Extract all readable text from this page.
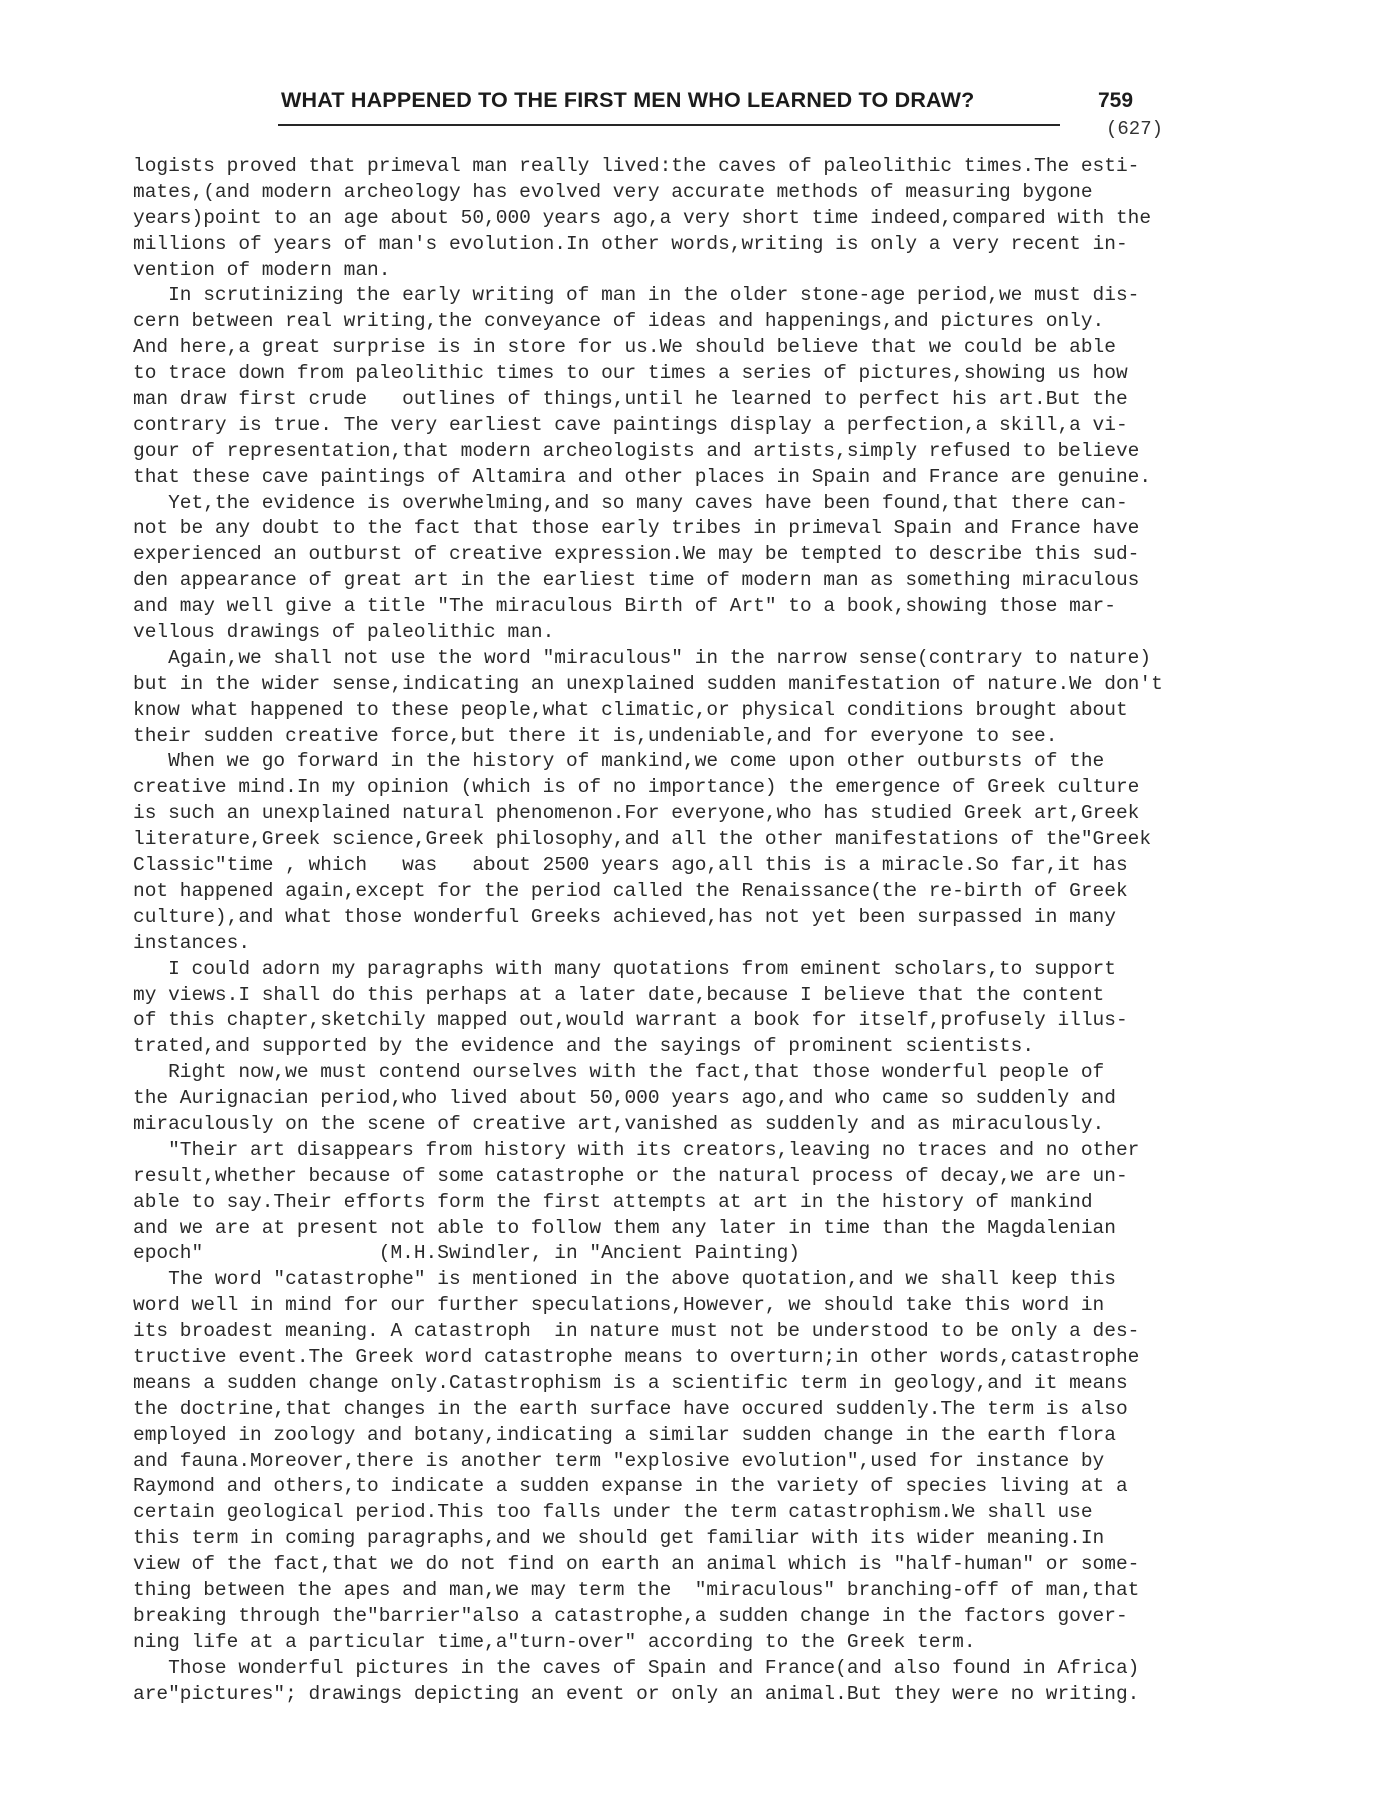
WHAT HAPPENED TO THE FIRST MEN WHO LEARNED TO DRAW?	759
(627)
logists proved that primeval man really lived:the caves of paleolithic times.The esti-
mates,(and modern archeology has evolved very accurate methods of measuring bygone
years)point to an age about 50,000 years ago,a very short time indeed,compared with the
millions of years of man's evolution.In other words,writing is only a very recent in-
vention of modern man.
In scrutinizing the early writing of man in the older stone-age period,we must dis-
cern between real writing,the conveyance of ideas and happenings,and pictures only.
And here,a great surprise is in store for us.We should believe that we could be able
to trace down from paleolithic times to our times a series of pictures,showing us how
man draw first crude   outlines of things,until he learned to perfect his art.But the
contrary is true. The very earliest cave paintings display a perfection,a skill,a vi-
gour of representation,that modern archeologists and artists,simply refused to believe
that these cave paintings of Altamira and other places in Spain and France are genuine.
Yet,the evidence is overwhelming,and so many caves have been found,that there can-
not be any doubt to the fact that those early tribes in primeval Spain and France have
experienced an outburst of creative expression.We may be tempted to describe this sud-
den appearance of great art in the earliest time of modern man as something miraculous
and may well give a title "The miraculous Birth of Art" to a book,showing those mar-
vellous drawings of paleolithic man.
Again,we shall not use the word "miraculous" in the narrow sense(contrary to nature)
but in the wider sense,indicating an unexplained sudden manifestation of nature.We don't
know what happened to these people,what climatic,or physical conditions brought about
their sudden creative force,but there it is,undeniable,and for everyone to see.
When we go forward in the history of mankind,we come upon other outbursts of the
creative mind.In my opinion (which is of no importance) the emergence of Greek culture
is such an unexplained natural phenomenon.For everyone,who has studied Greek art,Greek
literature,Greek science,Greek philosophy,and all the other manifestations of the"Greek
Classic"time , which   was   about 2500 years ago,all this is a miracle.So far,it has
not happened again,except for the period called the Renaissance(the re-birth of Greek
culture),and what those wonderful Greeks achieved,has not yet been surpassed in many
instances.
I could adorn my paragraphs with many quotations from eminent scholars,to support
my views.I shall do this perhaps at a later date,because I believe that the content
of this chapter,sketchily mapped out,would warrant a book for itself,profusely illus-
trated,and supported by the evidence and the sayings of prominent scientists.
Right now,we must contend ourselves with the fact,that those wonderful people of
the Aurignacian period,who lived about 50,000 years ago,and who came so suddenly and
miraculously on the scene of creative art,vanished as suddenly and as miraculously.
"Their art disappears from history with its creators,leaving no traces and no other
result,whether because of some catastrophe or the natural process of decay,we are un-
able to say.Their efforts form the first attempts at art in the history of mankind
and we are at present not able to follow them any later in time than the Magdalenian
epoch"               (M.H.Swindler, in "Ancient Painting)
The word "catastrophe" is mentioned in the above quotation,and we shall keep this
word well in mind for our further speculations,However, we should take this word in
its broadest meaning. A catastroph  in nature must not be understood to be only a des-
tructive event.The Greek word catastrophe means to overturn;in other words,catastrophe
means a sudden change only.Catastrophism is a scientific term in geology,and it means
the doctrine,that changes in the earth surface have occured suddenly.The term is also
employed in zoology and botany,indicating a similar sudden change in the earth flora
and fauna.Moreover,there is another term "explosive evolution",used for instance by
Raymond and others,to indicate a sudden expanse in the variety of species living at a
certain geological period.This too falls under the term catastrophism.We shall use
this term in coming paragraphs,and we should get familiar with its wider meaning.In
view of the fact,that we do not find on earth an animal which is "half-human" or some-
thing between the apes and man,we may term the  "miraculous" branching-off of man,that
breaking through the"barrier"also a catastrophe,a sudden change in the factors gover-
ning life at a particular time,a"turn-over" according to the Greek term.
Those wonderful pictures in the caves of Spain and France(and also found in Africa)
are"pictures"; drawings depicting an event or only an animal.But they were no writing.
